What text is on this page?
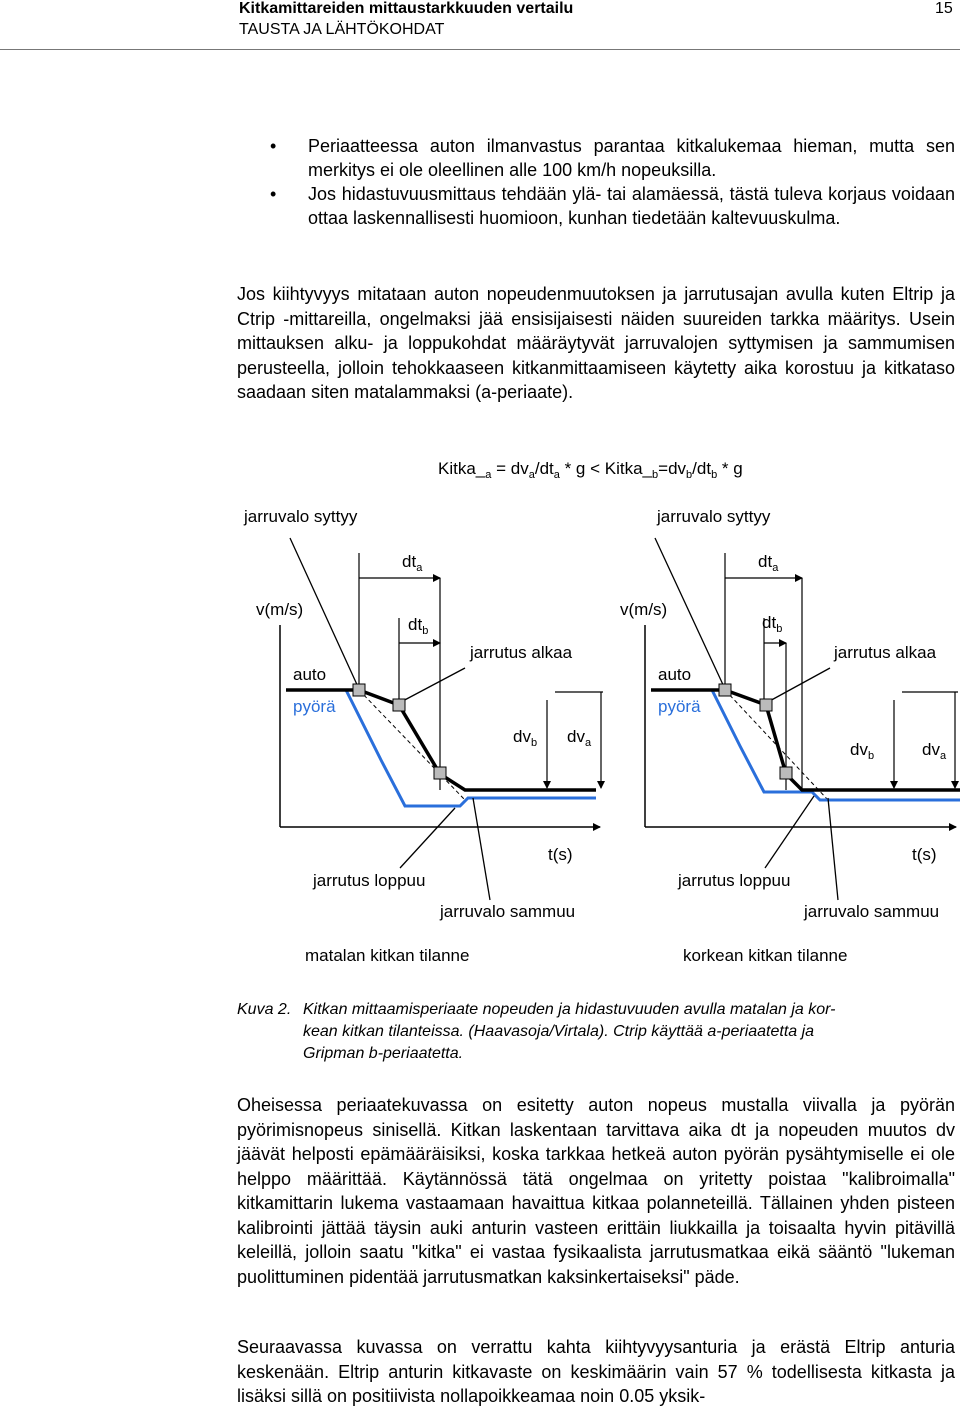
Kitkamittareiden mittaustarkkuuden vertailu
TAUSTA JA LÄHTÖKOHDAT
15
• Periaatteessa auton ilmanvastus parantaa kitkalukemaa hieman, mutta sen merkitys ei ole oleellinen alle 100 km/h nopeuksilla.
• Jos hidastuvuusmittaus tehdään ylä- tai alamäessä, tästä tuleva korjaus voidaan ottaa laskennallisesti huomioon, kunhan tiedetään kaltevuuskulma.

Jos kiihtyvyys mitataan auton nopeudenmuutoksen ja jarrutusajan avulla kuten Eltrip ja Ctrip -mittareilla, ongelmaksi jää ensisijaisesti näiden suureiden tarkka määritys. Usein mittauksen alku- ja loppukohdat määräytyvät jarruvalojen syttymisen ja sammumisen perusteella, jolloin tehokkaaseen kitkanmittaamiseen käytetty aika korostuu ja kitkataso saadaan siten matalammaksi (a-periaate).

$Kitka\__a = dv_a/dt_a * g$ < $Kitka\__b=dv_b/dt_b * g$
jarruvalo syttyy
$dt_a$
v(m/s)
$dt_b$
jarrutus alkaa
auto
pyörä
$dv_b$ $dv_a$
t(s)
jarrutus loppuu
jarruvalo sammuu
matalan kitkan tilanne
jarruvalo syttyy
$dt_a$
v(m/s)
$dt_b$
jarrutus alkaa
auto
pyörä
$dv_b$	$dv_a$
t(s)
jarrutus loppuu
jarruvalo sammuu
korkean kitkan tilanne
Kuva 2. Kitkan mittaamisperiaate nopeuden ja hidastuvuuden avulla matalan ja kor-
kean kitkan tilanteissa. (Haavasoja/Virtala). Ctrip käyttää a-periaatetta ja
Gripman b-periaatetta.

Oheisessa periaatekuvassa on esitetty auton nopeus mustalla viivalla ja pyörän pyörimisnopeus sinisellä. Kitkan laskentaan tarvittava aika dt ja nopeuden muutos dv jäävät helposti epämääräisiksi, koska tarkkaa hetkeä auton pyörän pysähtymiselle ei ole helppo määrittää. Käytännössä tätä ongelmaa on yritetty poistaa "kalibroimalla" kitkamittarin lukema vastaamaan havaittua kitkaa polanneteillä. Tällainen yhden pisteen kalibrointi jättää täysin auki anturin vasteen erittäin liukkailla ja toisaalta hyvin pitävillä keleillä, jolloin saatu "kitka" ei vastaa fysikaalista jarrutusmatkaa eikä sääntö "lukeman puolittuminen pidentää jarrutusmatkan kaksinkertaiseksi" päde.

Seuraavassa kuvassa on verrattu kahta kiihtyvyysanturia ja erästä Eltrip anturia keskenään. Eltrip anturin kitkavaste on keskimäärin vain 57 % todellisesta kitkasta ja lisäksi sillä on positiivista nollapoikkeamaa noin 0.05 yksik-
